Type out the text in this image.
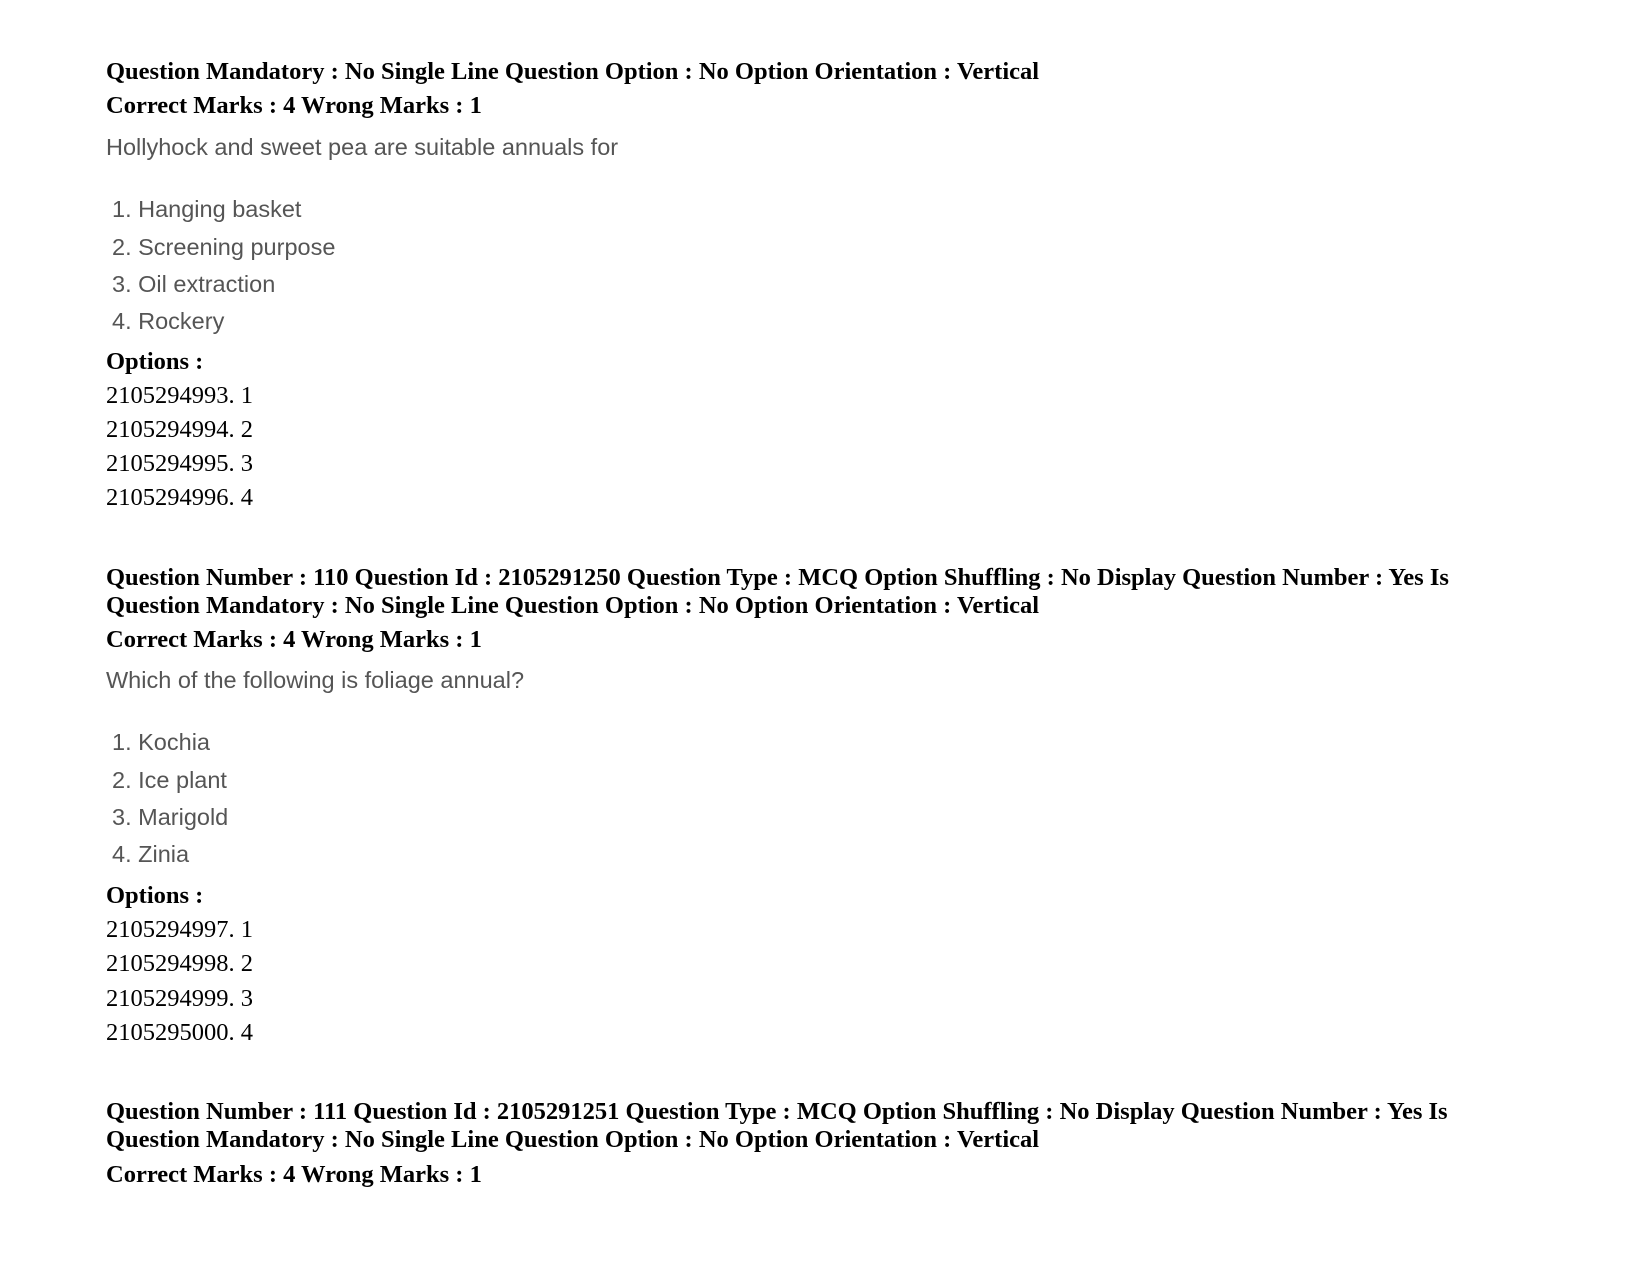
Question Mandatory : No Single Line Question Option : No Option Orientation : Vertical
Correct Marks : 4 Wrong Marks : 1
Hollyhock and sweet pea are suitable annuals for
1. Hanging basket
2. Screening purpose
3. Oil extraction
4. Rockery
Options :
2105294993. 1
2105294994. 2
2105294995. 3
2105294996. 4
Question Number : 110 Question Id : 2105291250 Question Type : MCQ Option Shuffling : No Display Question Number : Yes Is
Question Mandatory : No Single Line Question Option : No Option Orientation : Vertical
Correct Marks : 4 Wrong Marks : 1
Which of the following is foliage annual?
1. Kochia
2. Ice plant
3. Marigold
4. Zinia
Options :
2105294997. 1
2105294998. 2
2105294999. 3
2105295000. 4
Question Number : 111 Question Id : 2105291251 Question Type : MCQ Option Shuffling : No Display Question Number : Yes Is
Question Mandatory : No Single Line Question Option : No Option Orientation : Vertical
Correct Marks : 4 Wrong Marks : 1
